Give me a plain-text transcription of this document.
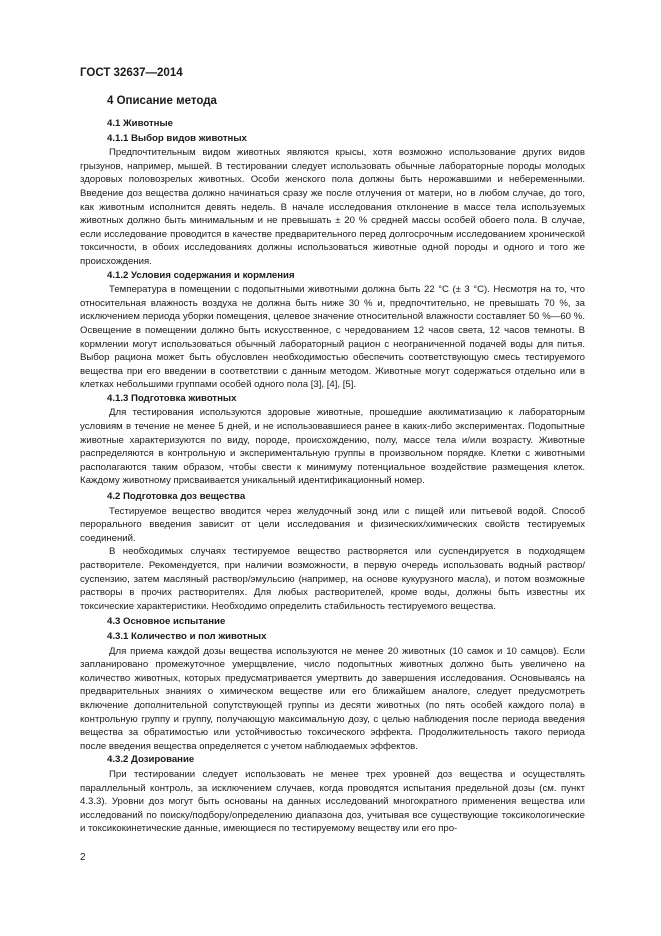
ГОСТ 32637—2014
4 Описание метода
4.1 Животные
4.1.1 Выбор видов животных

Предпочтительным видом животных являются крысы, хотя возможно использование других видов грызунов, например, мышей. В тестировании следует использовать обычные лабораторные породы молодых здоровых половозрелых животных. Особи женского пола должны быть нерожавшими и небеременными. Введение доз вещества должно начинаться сразу же после отлучения от матери, но в любом случае, до того, как животным исполнится девять недель. В начале исследования отклонение в массе тела используемых животных должно быть минимальным и не превышать ± 20 % средней массы особей обоего пола. В случае, если исследование проводится в качестве предварительного перед долгосрочным исследованием хронической токсичности, в обоих исследованиях должны использоваться животные одной породы и одного и того же происхождения.

4.1.2 Условия содержания и кормления

Температура в помещении с подопытными животными должна быть 22 °С (± 3 °С). Несмотря на то, что относительная влажность воздуха не должна быть ниже 30 % и, предпочтительно, не превышать 70 %, за исключением периода уборки помещения, целевое значение относительной влажности составляет 50 %—60 %. Освещение в помещении должно быть искусственное, с чередованием 12 часов света, 12 часов темноты. В кормлении могут использоваться обычный лабораторный рацион с неограниченной подачей воды для питья. Выбор рациона может быть обусловлен необходимостью обеспечить соответствующую смесь тестируемого вещества при его введении в соответствии с данным методом. Животные могут содержаться отдельно или в клетках небольшими группами особей одного пола [3], [4], [5].

4.1.3 Подготовка животных

Для тестирования используются здоровые животные, прошедшие акклиматизацию к лабораторным условиям в течение не менее 5 дней, и не использовавшиеся ранее в каких-либо экспериментах. Подопытные животные характеризуются по виду, породе, происхождению, полу, массе тела и/или возрасту. Животные распределяются в контрольную и экспериментальную группы в произвольном порядке. Клетки с животными располагаются таким образом, чтобы свести к минимуму потенциальное воздействие размещения клеток. Каждому животному присваивается уникальный идентификационный номер.

4.2 Подготовка доз вещества

Тестируемое вещество вводится через желудочный зонд или с пищей или питьевой водой. Способ перорального введения зависит от цели исследования и физических/химических свойств тестируемых соединений.

В необходимых случаях тестируемое вещество растворяется или суспендируется в подходящем растворителе. Рекомендуется, при наличии возможности, в первую очередь использовать водный раствор/суспензию, затем масляный раствор/эмульсию (например, на основе кукурузного масла), и потом возможные растворы в прочих растворителях. Для любых растворителей, кроме воды, должны быть известны их токсические характеристики. Необходимо определить стабильность тестируемого вещества.

4.3 Основное испытание
4.3.1 Количество и пол животных

Для приема каждой дозы вещества используются не менее 20 животных (10 самок и 10 самцов). Если запланировано промежуточное умерщвление, число подопытных животных должно быть увеличено на количество животных, которых предусматривается умертвить до завершения исследования. Основываясь на предварительных знаниях о химическом веществе или его ближайшем аналоге, следует предусмотреть включение дополнительной сопутствующей группы из десяти животных (по пять особей каждого пола) в контрольную группу и группу, получающую максимальную дозу, с целью наблюдения после периода введения вещества за обратимостью или устойчивостью токсического эффекта. Продолжительность такого периода после введения вещества определяется с учетом наблюдаемых эффектов.

4.3.2 Дозирование

При тестировании следует использовать не менее трех уровней доз вещества и осуществлять параллельный контроль, за исключением случаев, когда проводятся испытания предельной дозы (см. пункт 4.3.3). Уровни доз могут быть основаны на данных исследований многократного применения вещества или исследований по поиску/подбору/определению диапазона доз, учитывая все существующие токсикологические и токсикокинетические данные, имеющиеся по тестируемому веществу или его про-

2
